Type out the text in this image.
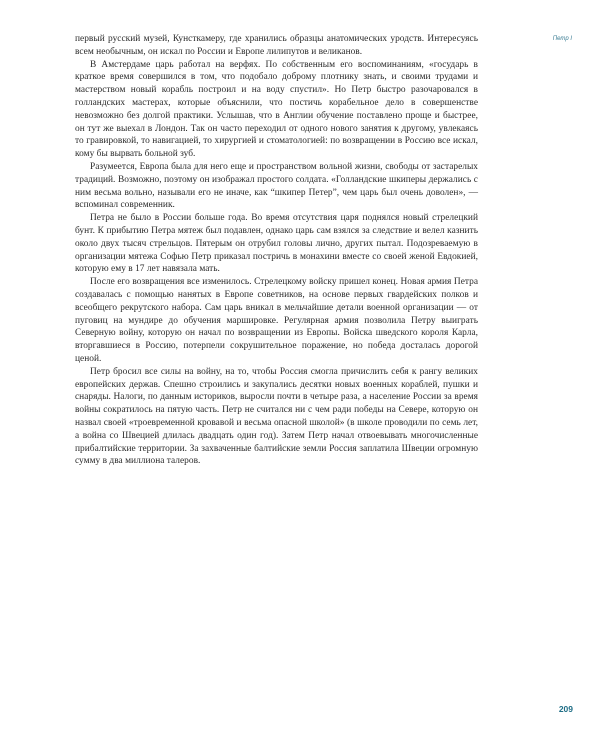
Петр I

первый русский музей, Кунсткамеру, где хранились образцы анатомических уродств. Интересуясь всем необычным, он искал по России и Европе лилипутов и великанов.

В Амстердаме царь работал на верфях. По собственным его воспоминаниям, «государь в краткое время совершился в том, что подобало доброму плотнику знать, и своими трудами и мастерством новый корабль построил и на воду спустил». Но Петр быстро разочаровался в голландских мастерах, которые объяснили, что постичь корабельное дело в совершенстве невозможно без долгой практики. Услышав, что в Англии обучение поставлено проще и быстрее, он тут же выехал в Лондон. Так он часто переходил от одного нового занятия к другому, увлекаясь то гравировкой, то навигацией, то хирургией и стоматологией: по возвращении в Россию все искал, кому бы вырвать больной зуб.

Разумеется, Европа была для него еще и пространством вольной жизни, свободы от застарелых традиций. Возможно, поэтому он изображал простого солдата. «Голландские шкиперы держались с ним весьма вольно, называли его не иначе, как “шкипер Петер”, чем царь был очень доволен», — вспоминал современник.

Петра не было в России больше года. Во время отсутствия царя поднялся новый стрелецкий бунт. К прибытию Петра мятеж был подавлен, однако царь сам взялся за следствие и велел казнить около двух тысяч стрельцов. Пятерым он отрубил головы лично, других пытал. Подозреваемую в организации мятежа Софью Петр приказал постричь в монахини вместе со своей женой Евдокией, которую ему в 17 лет навязала мать.

После его возвращения все изменилось. Стрелецкому войску пришел конец. Новая армия Петра создавалась с помощью нанятых в Европе советников, на основе первых гвардейских полков и всеобщего рекрутского набора. Сам царь вникал в мельчайшие детали военной организации — от пуговиц на мундире до обучения маршировке. Регулярная армия позволила Петру выиграть Северную войну, которую он начал по возвращении из Европы. Войска шведского короля Карла, вторгавшиеся в Россию, потерпели сокрушительное поражение, но победа досталась дорогой ценой.

Петр бросил все силы на войну, на то, чтобы Россия смогла причислить себя к рангу великих европейских держав. Спешно строились и закупались десятки новых военных кораблей, пушки и снаряды. Налоги, по данным историков, выросли почти в четыре раза, а население России за время войны сократилось на пятую часть. Петр не считался ни с чем ради победы на Севере, которую он назвал своей «троевременной кровавой и весьма опасной школой» (в школе проводили по семь лет, а война со Швецией длилась двадцать один год). Затем Петр начал отвоевывать многочисленные прибалтийские территории. За захваченные балтийские земли Россия заплатила Швеции огромную сумму в два миллиона талеров.

209
